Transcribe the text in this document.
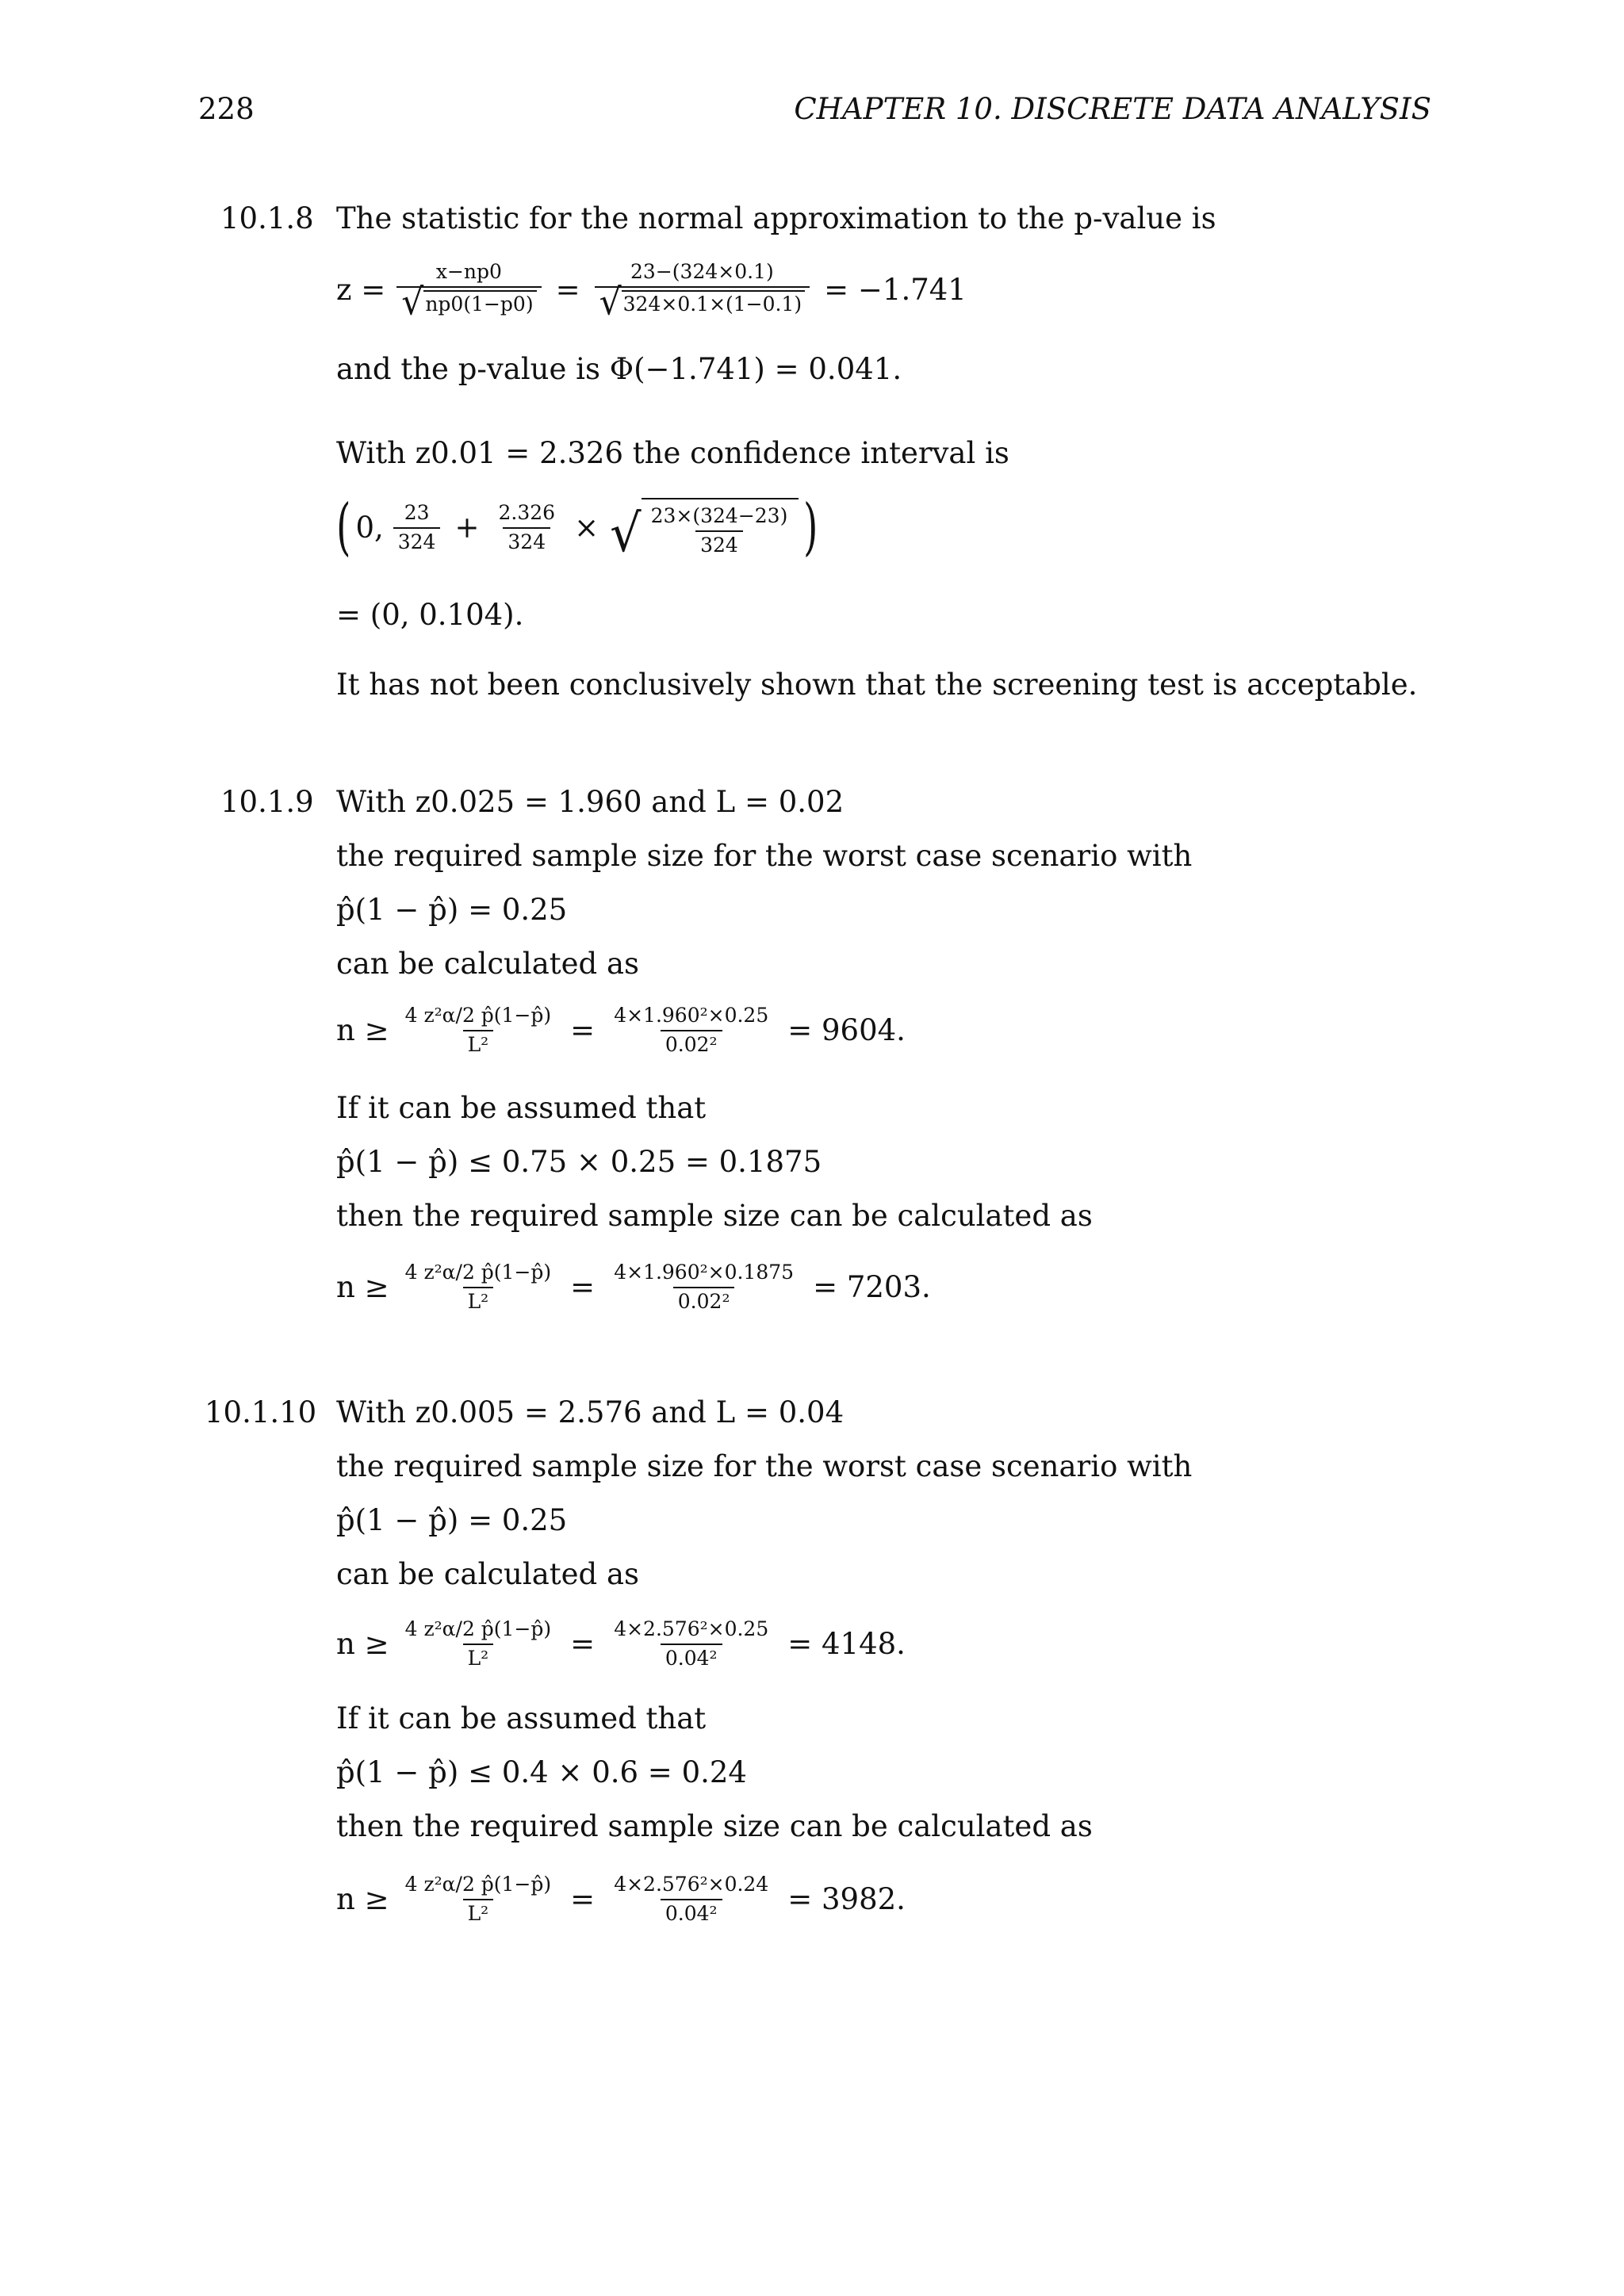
228	CHAPTER 10. DISCRETE DATA ANALYSIS
10.1.8 The statistic for the normal approximation to the p-value is
$z = \frac{x-np0}{√ np0(1-p0)} = \frac{23-(324\times 0.1)}{√ 324\times 0.1\times(1-0.1)} = -1.741$
and the p-value is Φ(−1.741) = 0.041.
With z0.01 = 2.326 the confidence interval is
( 0, $\frac{23}{324} + \frac{2.326}{324}$ × √ $\frac{23\times(324-23)}{324}$ )
= (0, 0.104).
It has not been conclusively shown that the screening test is acceptable.
10.1.9 With z0.025 = 1.960 and L = 0.02
the required sample size for the worst case scenario with
p̂(1 − p̂) = 0.25
can be calculated as
$n \ge \frac{\text{4 z²α/2 p̂(1−p̂)}}{\text{L²}} = \frac{\text{4×1.960²×0.25}}{\text{0.02²}} = 9604$.
If it can be assumed that
p̂(1 − p̂) ≤ 0.75 × 0.25 = 0.1875
then the required sample size can be calculated as
$n \ge \frac{\text{4 z²α/2 p̂(1−p̂)}}{\text{L²}} = \frac{\text{4×1.960²×0.1875}}{\text{0.02²}} = 7203$.
10.1.10 With z0.005 = 2.576 and L = 0.04
the required sample size for the worst case scenario with
p̂(1 − p̂) = 0.25
can be calculated as
$n \ge \frac{\text{4 z²α/2 p̂(1−p̂)}}{\text{L²}} = \frac{\text{4×2.576²×0.25}}{\text{0.04²}} = 4148$.
If it can be assumed that
p̂(1 − p̂) ≤ 0.4 × 0.6 = 0.24
then the required sample size can be calculated as
$n \ge \frac{\text{4 z²α/2 p̂(1−p̂)}}{\text{L²}} = \frac{\text{4×2.576²×0.24}}{\text{0.04²}} = 3982$.
